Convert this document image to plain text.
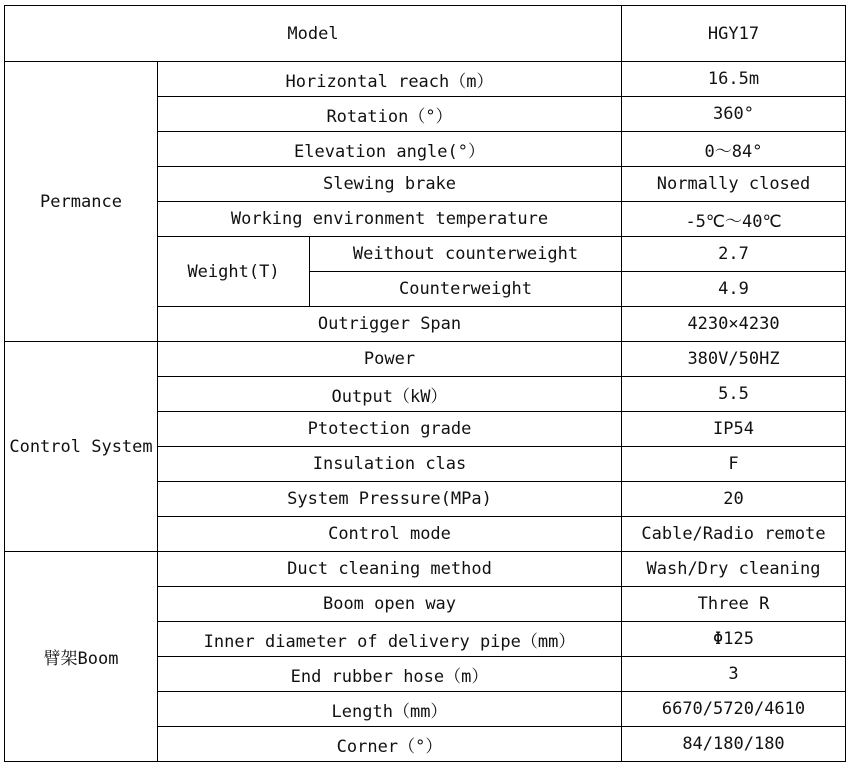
Model			HGY17
Permance	Horizontal reach（m）		16.5m
	Rotation（°）		360°
	Elevation angle(°）		0～84°
	Slewing brake		Normally closed
	Working environment temperature		-5℃～40℃
	Weight(T)	Weithout counterweight	2.7
		Counterweight	4.9
	Outrigger Span		4230×4230
Control System	Power		380V/50HZ
	Output（kW）		5.5
	Ptotection grade		IP54
	Insulation clas		F
	System Pressure(MPa)		20
	Control mode		Cable/Radio remote
臂架Boom	Duct cleaning method		Wash/Dry cleaning
	Boom open way		Three R
	Inner diameter of delivery pipe（mm）		Φ125
	End rubber hose（m）		3
	Length（mm）		6670/5720/4610
	Corner（°）		84/180/180
